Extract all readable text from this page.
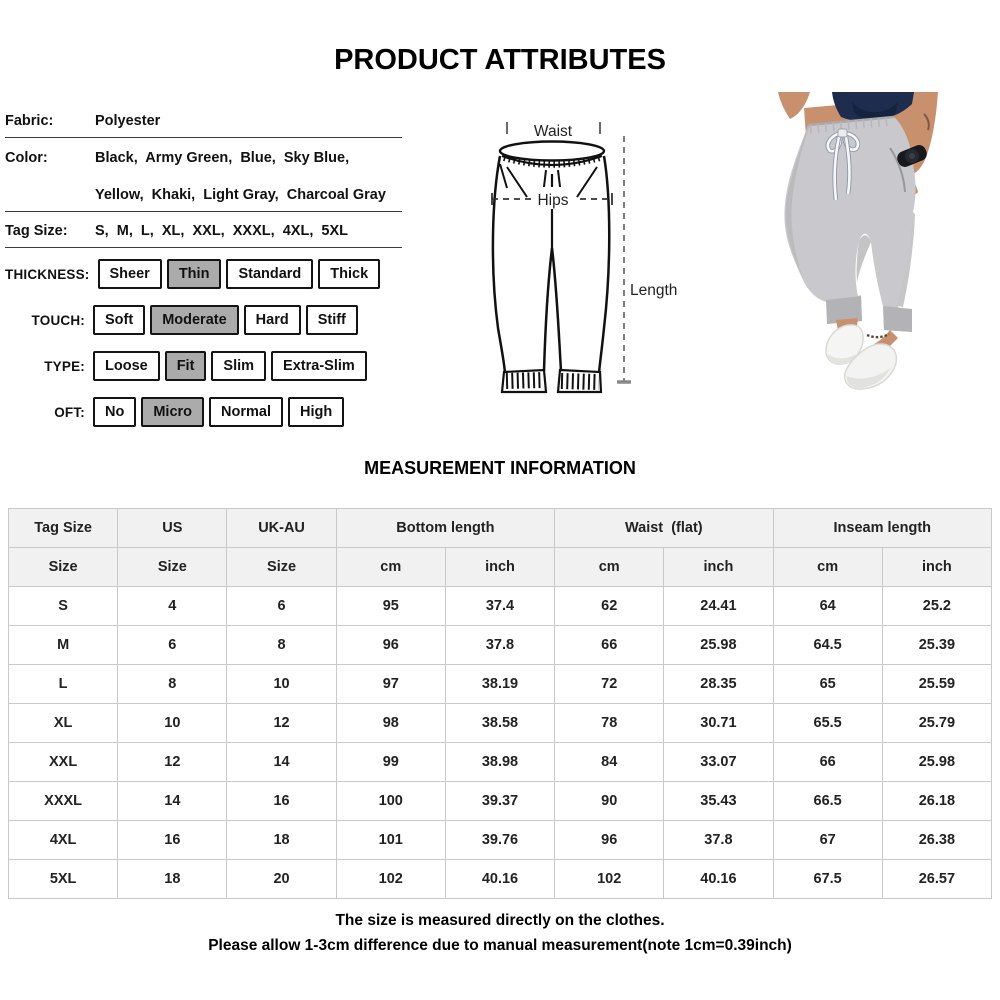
PRODUCT ATTRIBUTES
Fabric:	Polyester
Color:	Black,  Army Green,  Blue,  Sky Blue,
Yellow,  Khaki,  Light Gray,  Charcoal Gray
Tag Size:	S,  M,  L,  XL,  XXL,  XXXL,  4XL,  5XL
THICKNESS:	Sheer	Thin	Standard	Thick
TOUCH:	Soft	Moderate	Hard	Stiff
TYPE:	Loose	Fit	Slim	Extra-Slim
OFT:	No	Micro	Normal	High
Waist
Hips
Length
MEASUREMENT INFORMATION
Tag Size	US	UK-AU	Bottom length		Waist  (flat)		Inseam length	
Size	Size	Size	cm	inch	cm	inch	cm	inch
S	4	6	95	37.4	62	24.41	64	25.2
M	6	8	96	37.8	66	25.98	64.5	25.39
L	8	10	97	38.19	72	28.35	65	25.59
XL	10	12	98	38.58	78	30.71	65.5	25.79
XXL	12	14	99	38.98	84	33.07	66	25.98
XXXL	14	16	100	39.37	90	35.43	66.5	26.18
4XL	16	18	101	39.76	96	37.8	67	26.38
5XL	18	20	102	40.16	102	40.16	67.5	26.57
The size is measured directly on the clothes.
Please allow 1-3cm difference due to manual measurement(note 1cm=0.39inch)
